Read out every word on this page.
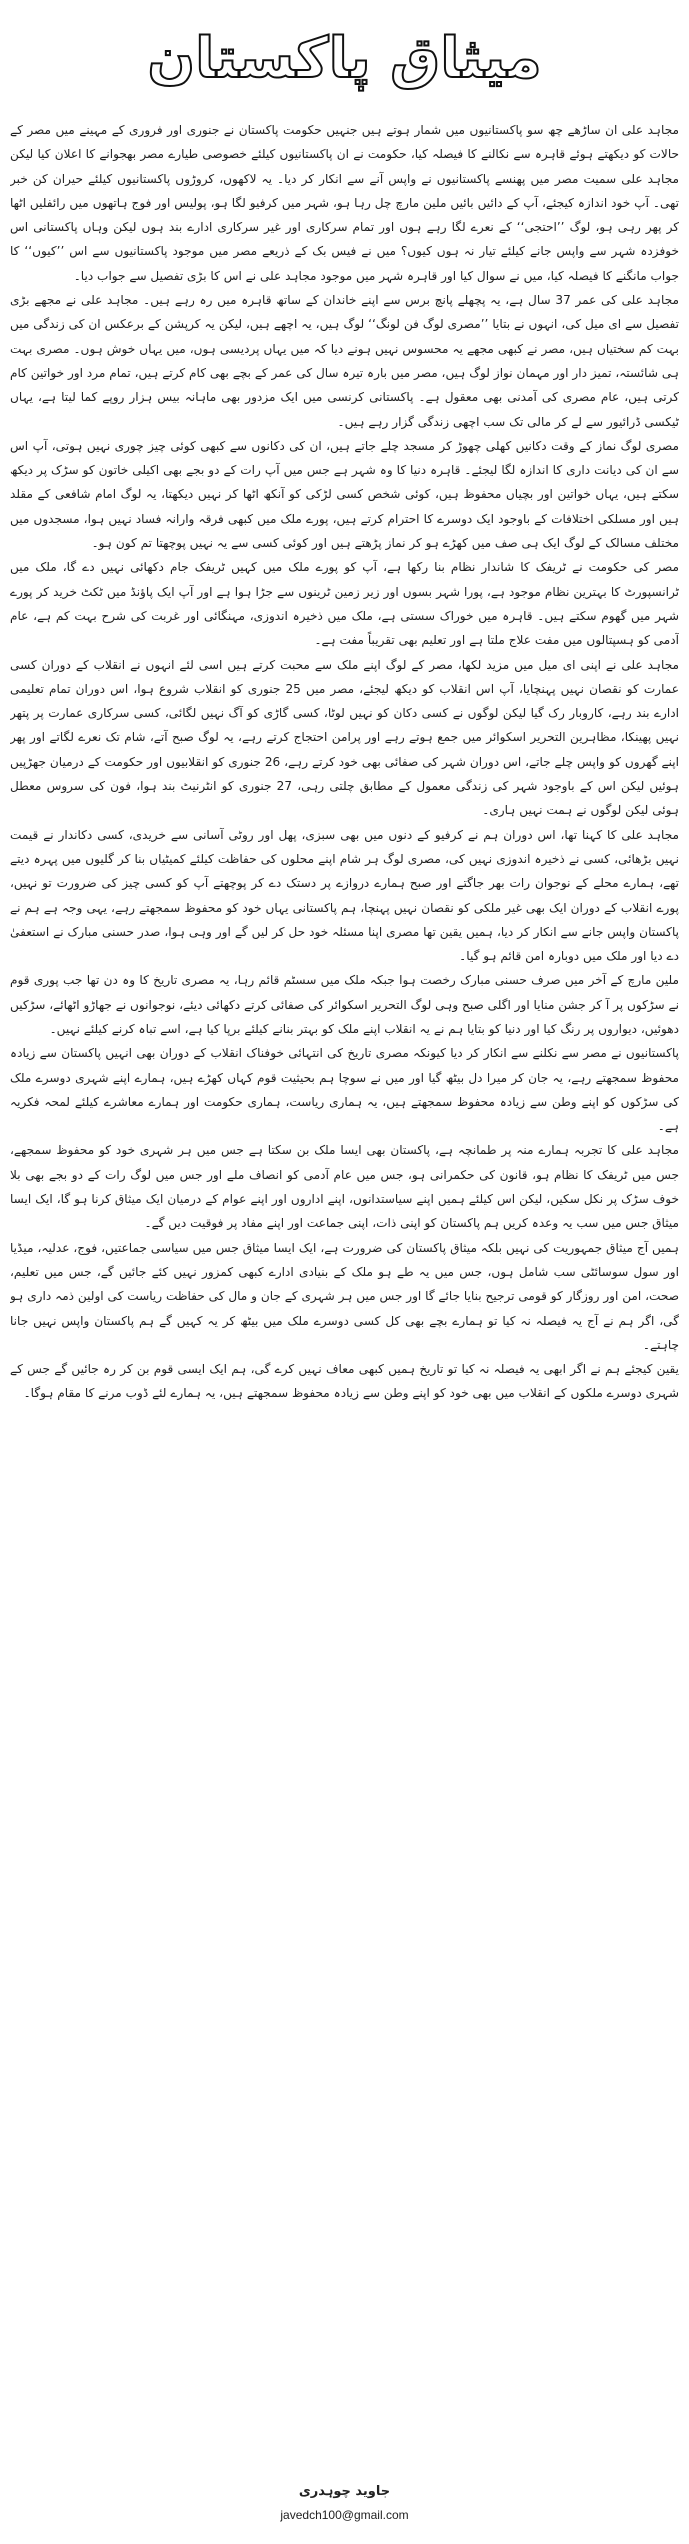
میثاق پاکستان

مجاہد علی ان ساڑھے چھ سو پاکستانیوں میں شمار ہوتے ہیں جنہیں حکومت پاکستان نے جنوری اور فروری کے مہینے میں مصر کے حالات کو دیکھتے ہوئے قاہرہ سے نکالنے کا فیصلہ کیا، حکومت نے ان پاکستانیوں کیلئے خصوصی طیارے مصر بھجوانے کا اعلان کیا لیکن مجاہد علی سمیت مصر میں پھنسے پاکستانیوں نے واپس آنے سے انکار کر دیا۔ یہ لاکھوں، کروڑوں پاکستانیوں کیلئے حیران کن خبر تھی۔ آپ خود اندازہ کیجئے، آپ کے دائیں بائیں ملین مارچ چل رہا ہو، شہر میں کرفیو لگا ہو، پولیس اور فوج ہاتھوں میں رائفلیں اٹھا کر پھر رہی ہو، لوگ ’’احتجی‘‘ کے نعرے لگا رہے ہوں اور تمام سرکاری اور غیر سرکاری ادارے بند ہوں لیکن وہاں پاکستانی اس خوفزدہ شہر سے واپس جانے کیلئے تیار نہ ہوں کیوں؟ میں نے فیس بک کے ذریعے مصر میں موجود پاکستانیوں سے اس ’’کیوں‘‘ کا جواب مانگنے کا فیصلہ کیا، میں نے سوال کیا اور قاہرہ شہر میں موجود مجاہد علی نے اس کا بڑی تفصیل سے جواب دیا۔

مجاہد علی کی عمر 37 سال ہے، یہ پچھلے پانچ برس سے اپنے خاندان کے ساتھ قاہرہ میں رہ رہے ہیں۔ مجاہد علی نے مجھے بڑی تفصیل سے ای میل کی، انہوں نے بتایا ’’مصری لوگ فن لونگ‘‘ لوگ ہیں، یہ اچھے ہیں، لیکن یہ کرپشن کے برعکس ان کی زندگی میں بہت کم سختیاں ہیں، مصر نے کبھی مجھے یہ محسوس نہیں ہونے دیا کہ میں یہاں پردیسی ہوں، میں یہاں خوش ہوں۔ مصری بہت ہی شائستہ، تمیز دار اور مہمان نواز لوگ ہیں، مصر میں بارہ تیرہ سال کی عمر کے بچے بھی کام کرتے ہیں، تمام مرد اور خواتین کام کرتی ہیں، عام مصری کی آمدنی بھی معقول ہے۔ پاکستانی کرنسی میں ایک مزدور بھی ماہانہ بیس ہزار روپے کما لیتا ہے، یہاں ٹیکسی ڈرائیور سے لے کر مالی تک سب اچھی زندگی گزار رہے ہیں۔

مصری لوگ نماز کے وقت دکانیں کھلی چھوڑ کر مسجد چلے جاتے ہیں، ان کی دکانوں سے کبھی کوئی چیز چوری نہیں ہوتی، آپ اس سے ان کی دیانت داری کا اندازہ لگا لیجئے۔ قاہرہ دنیا کا وہ شہر ہے جس میں آپ رات کے دو بجے بھی اکیلی خاتون کو سڑک پر دیکھ سکتے ہیں، یہاں خواتین اور بچیاں محفوظ ہیں، کوئی شخص کسی لڑکی کو آنکھ اٹھا کر نہیں دیکھتا، یہ لوگ امام شافعی کے مقلد ہیں اور مسلکی اختلافات کے باوجود ایک دوسرے کا احترام کرتے ہیں، پورے ملک میں کبھی فرقہ وارانہ فساد نہیں ہوا، مسجدوں میں مختلف مسالک کے لوگ ایک ہی صف میں کھڑے ہو کر نماز پڑھتے ہیں اور کوئی کسی سے یہ نہیں پوچھتا تم کون ہو۔

مصر کی حکومت نے ٹریفک کا شاندار نظام بنا رکھا ہے، آپ کو پورے ملک میں کہیں ٹریفک جام دکھائی نہیں دے گا، ملک میں ٹرانسپورٹ کا بہترین نظام موجود ہے، پورا شہر بسوں اور زیر زمین ٹرینوں سے جڑا ہوا ہے اور آپ ایک پاؤنڈ میں ٹکٹ خرید کر پورے شہر میں گھوم سکتے ہیں۔ قاہرہ میں خوراک سستی ہے، ملک میں ذخیرہ اندوزی، مہنگائی اور غربت کی شرح بہت کم ہے، عام آدمی کو ہسپتالوں میں مفت علاج ملتا ہے اور تعلیم بھی تقریباً مفت ہے۔

مجاہد علی نے اپنی ای میل میں مزید لکھا، مصر کے لوگ اپنے ملک سے محبت کرتے ہیں اسی لئے انہوں نے انقلاب کے دوران کسی عمارت کو نقصان نہیں پہنچایا، آپ اس انقلاب کو دیکھ لیجئے، مصر میں 25 جنوری کو انقلاب شروع ہوا، اس دوران تمام تعلیمی ادارے بند رہے، کاروبار رک گیا لیکن لوگوں نے کسی دکان کو نہیں لوٹا، کسی گاڑی کو آگ نہیں لگائی، کسی سرکاری عمارت پر پتھر نہیں پھینکا، مظاہرین التحریر اسکوائر میں جمع ہوتے رہے اور پرامن احتجاج کرتے رہے، یہ لوگ صبح آتے، شام تک نعرے لگاتے اور پھر اپنے گھروں کو واپس چلے جاتے، اس دوران شہر کی صفائی بھی خود کرتے رہے، 26 جنوری کو انقلابیوں اور حکومت کے درمیان جھڑپیں ہوئیں لیکن اس کے باوجود شہر کی زندگی معمول کے مطابق چلتی رہی، 27 جنوری کو انٹرنیٹ بند ہوا، فون کی سروس معطل ہوئی لیکن لوگوں نے ہمت نہیں ہاری۔

مجاہد علی کا کہنا تھا، اس دوران ہم نے کرفیو کے دنوں میں بھی سبزی، پھل اور روٹی آسانی سے خریدی، کسی دکاندار نے قیمت نہیں بڑھائی، کسی نے ذخیرہ اندوزی نہیں کی، مصری لوگ ہر شام اپنے محلوں کی حفاظت کیلئے کمیٹیاں بنا کر گلیوں میں پہرہ دیتے تھے، ہمارے محلے کے نوجوان رات بھر جاگتے اور صبح ہمارے دروازے پر دستک دے کر پوچھتے آپ کو کسی چیز کی ضرورت تو نہیں، پورے انقلاب کے دوران ایک بھی غیر ملکی کو نقصان نہیں پہنچا، ہم پاکستانی یہاں خود کو محفوظ سمجھتے رہے، یہی وجہ ہے ہم نے پاکستان واپس جانے سے انکار کر دیا، ہمیں یقین تھا مصری اپنا مسئلہ خود حل کر لیں گے اور وہی ہوا، صدر حسنی مبارک نے استعفیٰ دے دیا اور ملک میں دوبارہ امن قائم ہو گیا۔

ملین مارچ کے آخر میں صرف حسنی مبارک رخصت ہوا جبکہ ملک میں سسٹم قائم رہا، یہ مصری تاریخ کا وہ دن تھا جب پوری قوم نے سڑکوں پر آ کر جشن منایا اور اگلی صبح وہی لوگ التحریر اسکوائر کی صفائی کرتے دکھائی دیئے، نوجوانوں نے جھاڑو اٹھائے، سڑکیں دھوئیں، دیواروں پر رنگ کیا اور دنیا کو بتایا ہم نے یہ انقلاب اپنے ملک کو بہتر بنانے کیلئے برپا کیا ہے، اسے تباہ کرنے کیلئے نہیں۔

پاکستانیوں نے مصر سے نکلنے سے انکار کر دیا کیونکہ مصری تاریخ کی انتہائی خوفناک انقلاب کے دوران بھی انہیں پاکستان سے زیادہ محفوظ سمجھتے رہے، یہ جان کر میرا دل بیٹھ گیا اور میں نے سوچا ہم بحیثیت قوم کہاں کھڑے ہیں، ہمارے اپنے شہری دوسرے ملک کی سڑکوں کو اپنے وطن سے زیادہ محفوظ سمجھتے ہیں، یہ ہماری ریاست، ہماری حکومت اور ہمارے معاشرے کیلئے لمحہ فکریہ ہے۔

مجاہد علی کا تجربہ ہمارے منہ پر طمانچہ ہے، پاکستان بھی ایسا ملک بن سکتا ہے جس میں ہر شہری خود کو محفوظ سمجھے، جس میں ٹریفک کا نظام ہو، قانون کی حکمرانی ہو، جس میں عام آدمی کو انصاف ملے اور جس میں لوگ رات کے دو بجے بھی بلا خوف سڑک پر نکل سکیں، لیکن اس کیلئے ہمیں اپنے سیاستدانوں، اپنے اداروں اور اپنے عوام کے درمیان ایک میثاق کرنا ہو گا، ایک ایسا میثاق جس میں سب یہ وعدہ کریں ہم پاکستان کو اپنی ذات، اپنی جماعت اور اپنے مفاد پر فوقیت دیں گے۔

ہمیں آج میثاق جمہوریت کی نہیں بلکہ میثاق پاکستان کی ضرورت ہے، ایک ایسا میثاق جس میں سیاسی جماعتیں، فوج، عدلیہ، میڈیا اور سول سوسائٹی سب شامل ہوں، جس میں یہ طے ہو ملک کے بنیادی ادارے کبھی کمزور نہیں کئے جائیں گے، جس میں تعلیم، صحت، امن اور روزگار کو قومی ترجیح بنایا جائے گا اور جس میں ہر شہری کے جان و مال کی حفاظت ریاست کی اولین ذمہ داری ہو گی، اگر ہم نے آج یہ فیصلہ نہ کیا تو ہمارے بچے بھی کل کسی دوسرے ملک میں بیٹھ کر یہ کہیں گے ہم پاکستان واپس نہیں جانا چاہتے۔

یقین کیجئے ہم نے اگر ابھی یہ فیصلہ نہ کیا تو تاریخ ہمیں کبھی معاف نہیں کرے گی، ہم ایک ایسی قوم بن کر رہ جائیں گے جس کے شہری دوسرے ملکوں کے انقلاب میں بھی خود کو اپنے وطن سے زیادہ محفوظ سمجھتے ہیں، یہ ہمارے لئے ڈوب مرنے کا مقام ہوگا۔

جاوید چوہدری
javedch100@gmail.com
